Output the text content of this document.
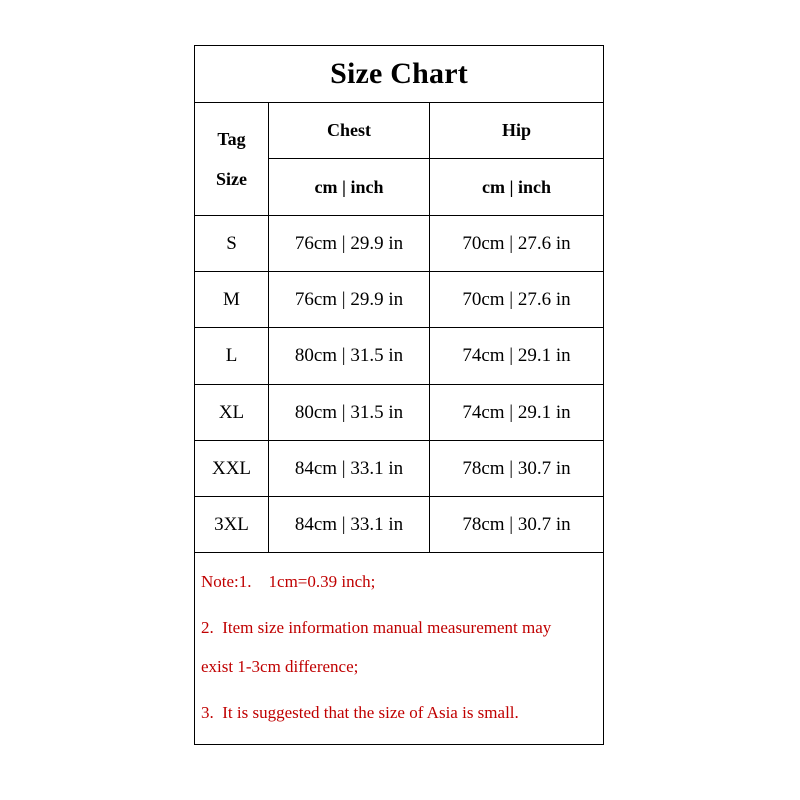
Size Chart
Tag
Size
Chest	Hip
cm | inch	cm | inch
S	76cm | 29.9 in	70cm | 27.6 in
M	76cm | 29.9 in	70cm | 27.6 in
L	80cm | 31.5 in	74cm | 29.1 in
XL	80cm | 31.5 in	74cm | 29.1 in
XXL	84cm | 33.1 in	78cm | 30.7 in
3XL	84cm | 33.1 in	78cm | 30.7 in
Note:1.    1cm=0.39 inch;
2.  Item size information manual measurement may
exist 1-3cm difference;
3.  It is suggested that the size of Asia is small.
